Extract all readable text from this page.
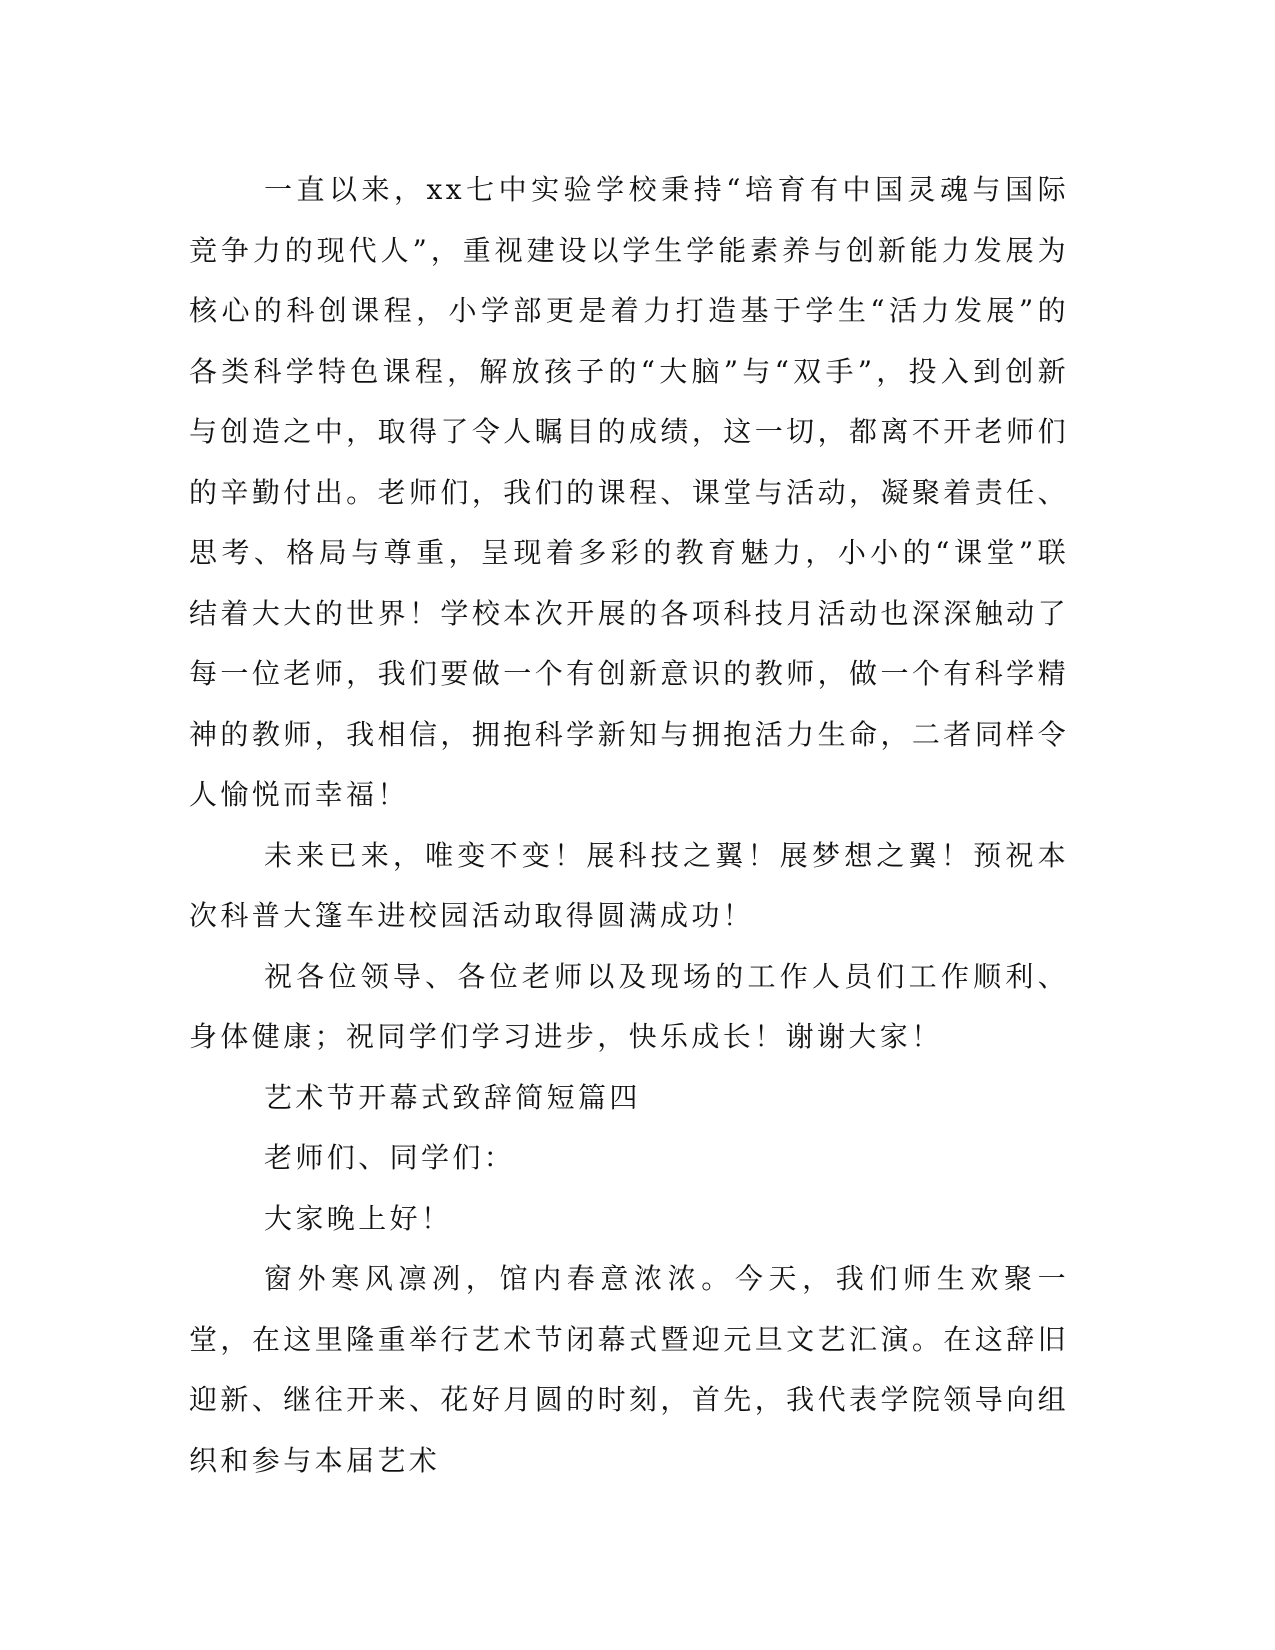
一直以来，xx七中实验学校秉持“培育有中国灵魂与国际竞争力的现代人”，重视建设以学生学能素养与创新能力发展为核心的科创课程，小学部更是着力打造基于学生“活力发展”的各类科学特色课程，解放孩子的“大脑”与“双手”，投入到创新与创造之中，取得了令人瞩目的成绩，这一切，都离不开老师们的辛勤付出。老师们，我们的课程、课堂与活动，凝聚着责任、思考、格局与尊重，呈现着多彩的教育魅力，小小的“课堂”联结着大大的世界！学校本次开展的各项科技月活动也深深触动了每一位老师，我们要做一个有创新意识的教师，做一个有科学精神的教师，我相信，拥抱科学新知与拥抱活力生命，二者同样令人愉悦而幸福！

未来已来，唯变不变！展科技之翼！展梦想之翼！预祝本次科普大篷车进校园活动取得圆满成功！

祝各位领导、各位老师以及现场的工作人员们工作顺利、身体健康；祝同学们学习进步，快乐成长！谢谢大家！

艺术节开幕式致辞简短篇四

老师们、同学们：

大家晚上好！

窗外寒风凛冽，馆内春意浓浓。今天，我们师生欢聚一堂，在这里隆重举行艺术节闭幕式暨迎元旦文艺汇演。在这辞旧迎新、继往开来、花好月圆的时刻，首先，我代表学院领导向组织和参与本届艺术
